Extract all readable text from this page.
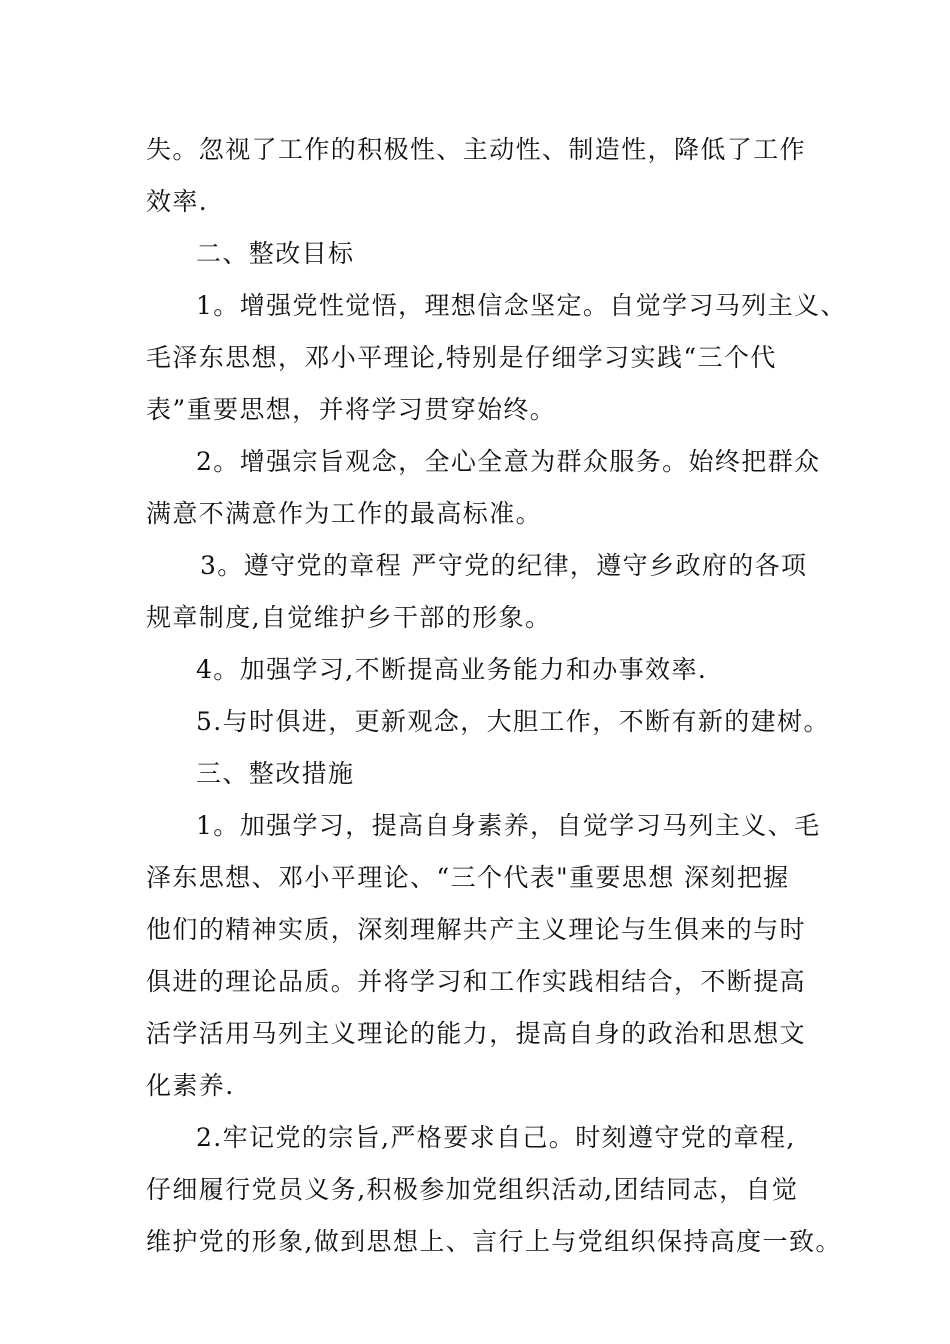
失。忽视了工作的积极性、主动性、制造性，降低了工作
效率.
二、整改目标
1。增强党性觉悟，理想信念坚定。自觉学习马列主义、
毛泽东思想，邓小平理论,特别是仔细学习实践“三个代
表”重要思想，并将学习贯穿始终。
2。增强宗旨观念，全心全意为群众服务。始终把群众
满意不满意作为工作的最高标准。
3。遵守党的章程 严守党的纪律，遵守乡政府的各项
规章制度,自觉维护乡干部的形象。
4。加强学习,不断提高业务能力和办事效率.
5.与时俱进，更新观念，大胆工作，不断有新的建树。
三、整改措施
1。加强学习，提高自身素养，自觉学习马列主义、毛
泽东思想、邓小平理论、“三个代表"重要思想 深刻把握
他们的精神实质，深刻理解共产主义理论与生俱来的与时
俱进的理论品质。并将学习和工作实践相结合，不断提高
活学活用马列主义理论的能力，提高自身的政治和思想文
化素养.
2.牢记党的宗旨,严格要求自己。时刻遵守党的章程,
仔细履行党员义务,积极参加党组织活动,团结同志，自觉
维护党的形象,做到思想上、言行上与党组织保持高度一致。
